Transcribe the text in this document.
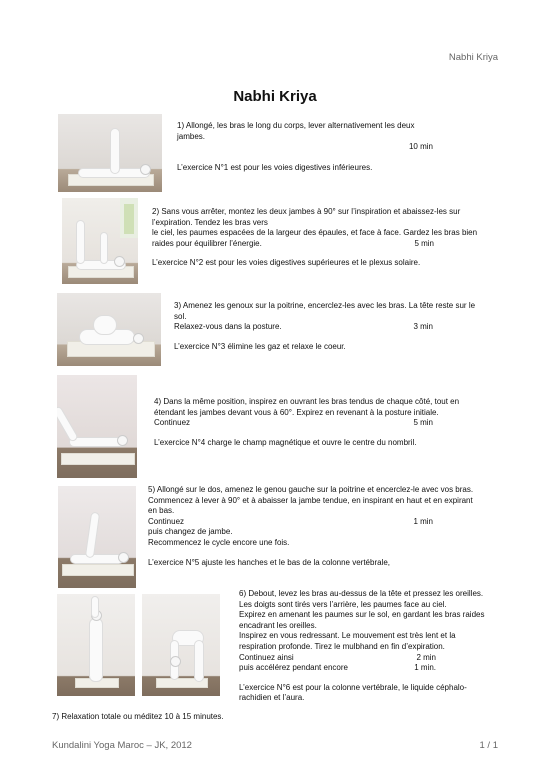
Nabhi Kriya
Nabhi Kriya
1) Allongé, les bras le long du corps, lever alternativement les deux jambes.
10 min
L’exercice N°1 est pour les voies digestives inférieures.
2) Sans vous arrêter, montez les deux jambes à 90° sur l’inspiration et abaissez-les sur
l’expiration. Tendez les bras vers
le ciel, les paumes espacées de la largeur des épaules, et face à face. Gardez les bras bien
raides pour équilibrer l’énergie.	5 min
L’exercice N°2 est pour les voies digestives supérieures et le plexus solaire.
3) Amenez les genoux sur la poitrine, encerclez-les avec les bras. La tête reste sur le
sol.
Relaxez-vous dans la posture.	3 min
L’exercice N°3 élimine les gaz et relaxe le coeur.
4) Dans la même position, inspirez en ouvrant les bras tendus de chaque côté, tout en
étendant les jambes devant vous à 60°. Expirez en revenant à la posture initiale.
Continuez	5 min
L’exercice N°4 charge le champ magnétique et ouvre le centre du nombril.
5) Allongé sur le dos, amenez le genou gauche sur la poitrine et encerclez-le avec vos bras.
Commencez à lever à 90° et à abaisser la jambe tendue, en inspirant en haut et en expirant
en bas.
Continuez	1 min
puis changez de jambe.
Recommencez le cycle encore une fois.
L’exercice N°5 ajuste les hanches et le bas de la colonne vertébrale,
6) Debout, levez les bras au-dessus de la tête et pressez les oreilles.
Les doigts sont tirés vers l’arrière, les paumes face au ciel.
Expirez en amenant les paumes sur le sol, en gardant les bras raides
encadrant les oreilles.
Inspirez en vous redressant. Le mouvement est très lent et la
respiration profonde. Tirez le mulbhand en fin d’expiration.
Continuez ainsi	2 min
puis accélérez pendant encore	1 min.
L’exercice N°6 est pour la colonne vertébrale, le liquide céphalo-
rachidien et l’aura.
7) Relaxation totale ou méditez 10 à 15 minutes.
Kundalini Yoga Maroc – JK, 2012	1 / 1
